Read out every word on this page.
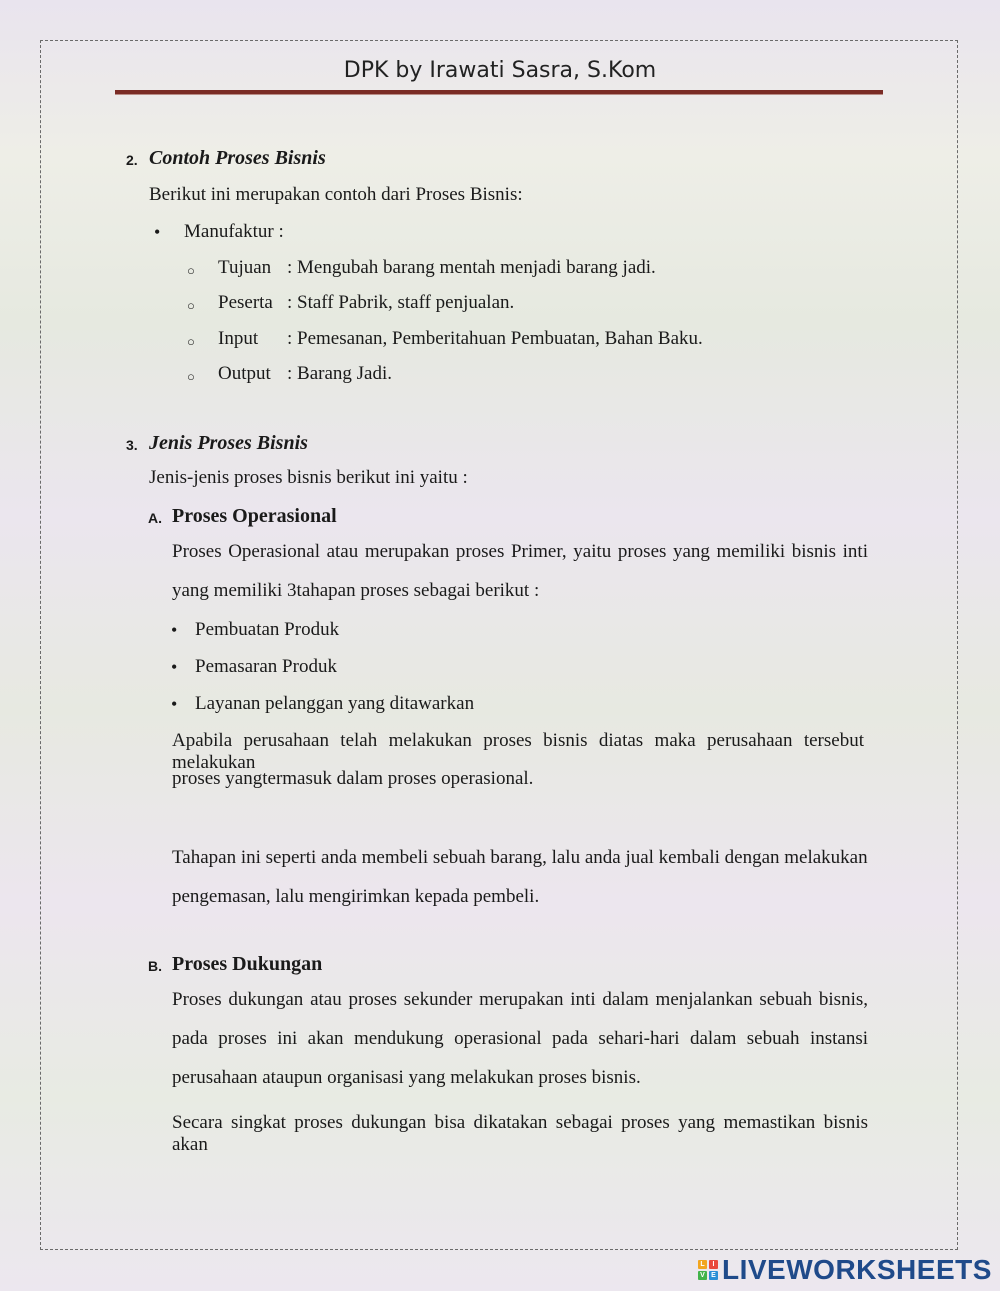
DPK by Irawati Sasra, S.Kom
2. Contoh Proses Bisnis
Berikut ini merupakan contoh dari Proses Bisnis:
• Manufaktur :
○ Tujuan : Mengubah barang mentah menjadi barang jadi.
○ Peserta : Staff Pabrik, staff penjualan.
○ Input : Pemesanan, Pemberitahuan Pembuatan, Bahan Baku.
○ Output : Barang Jadi.
3. Jenis Proses Bisnis
Jenis-jenis proses bisnis berikut ini yaitu :
A. Proses Operasional
Proses Operasional atau merupakan proses Primer, yaitu proses yang memiliki bisnis inti
yang memiliki 3tahapan proses sebagai berikut :
• Pembuatan Produk
• Pemasaran Produk
• Layanan pelanggan yang ditawarkan
Apabila perusahaan telah melakukan proses bisnis diatas maka perusahaan tersebut melakukan
proses yangtermasuk dalam proses operasional.
Tahapan ini seperti anda membeli sebuah barang, lalu anda jual kembali dengan melakukan
pengemasan, lalu mengirimkan kepada pembeli.
B. Proses Dukungan
Proses dukungan atau proses sekunder merupakan inti dalam menjalankan sebuah bisnis,
pada proses ini akan mendukung operasional pada sehari-hari dalam sebuah instansi
perusahaan ataupun organisasi yang melakukan proses bisnis.
Secara singkat proses dukungan bisa dikatakan sebagai proses yang memastikan bisnis akan
L	I
V E LIVEWORKSHEETS
